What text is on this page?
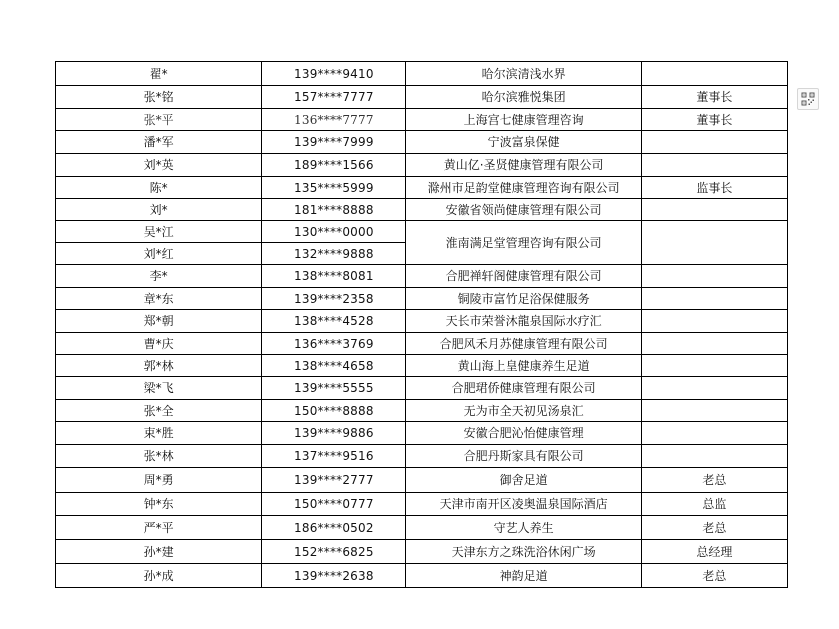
翟*	139****9410	哈尔滨清浅水界	
张*铭	157****7777	哈尔滨雅悦集团	董事长
张*平	136****7777	上海宫七健康管理咨询	董事长
潘*军	139****7999	宁波富泉保健	
刘*英	189****1566	黄山亿·圣贤健康管理有限公司	
陈*	135****5999	滁州市足韵堂健康管理咨询有限公司	监事长
刘*	181****8888	安徽省领尚健康管理有限公司	
吴*江	130****0000	淮南满足堂管理咨询有限公司	
刘*红	132****9888		
李*	138****8081	合肥禅轩阁健康管理有限公司	
章*东	139****2358	铜陵市富竹足浴保健服务	
郑*朝	138****4528	天长市荣誉沐龍泉国际水疗汇	
曹*庆	136****3769	合肥风禾月苏健康管理有限公司	
郭*林	138****4658	黄山海上皇健康养生足道	
梁*飞	139****5555	合肥珺侨健康管理有限公司	
张*全	150****8888	无为市全天初见汤泉汇	
束*胜	139****9886	安徽合肥沁怡健康管理	
张*林	137****9516	合肥丹斯家具有限公司	
周*勇	139****2777	御舍足道	老总
钟*东	150****0777	天津市南开区凌奥温泉国际酒店	总监
严*平	186****0502	守艺人养生	老总
孙*建	152****6825	天津东方之珠洗浴休闲广场	总经理
孙*成	139****2638	神韵足道	老总
